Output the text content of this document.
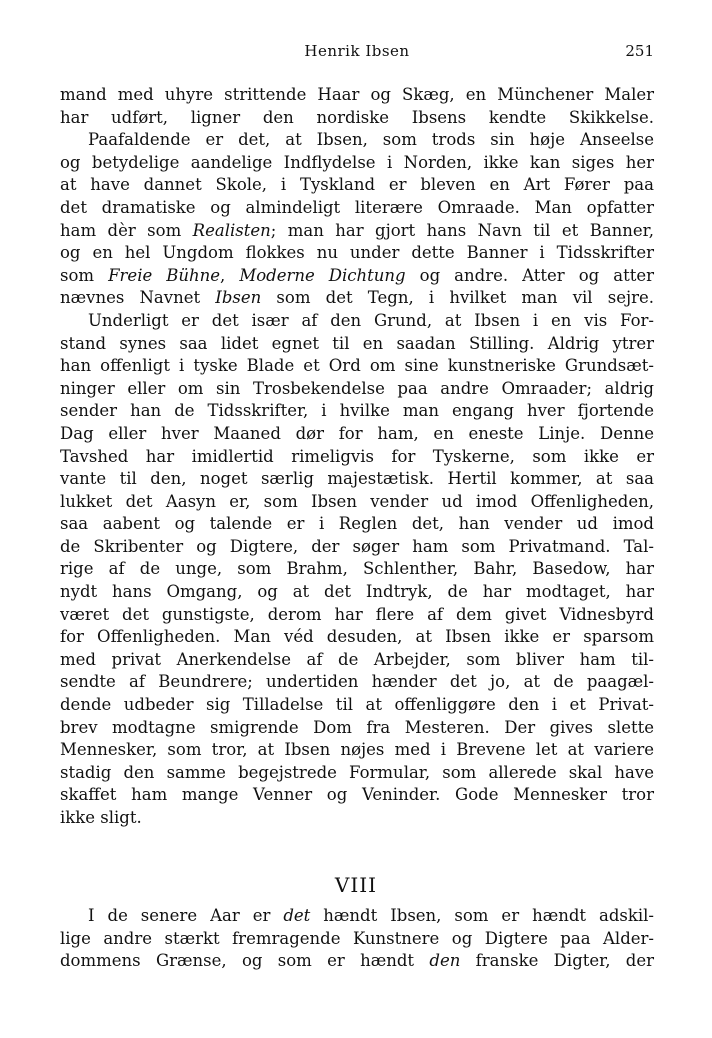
Henrik Ibsen	251
mand med uhyre strittende Haar og Skæg, en Münchener Maler
har udført, ligner den nordiske Ibsens kendte Skikkelse.
Paafaldende er det, at Ibsen, som trods sin høje Anseelse
og betydelige aandelige Indflydelse i Norden, ikke kan siges her
at have dannet Skole, i Tyskland er bleven en Art Fører paa
det dramatiske og almindeligt literære Omraade. Man opfatter
ham dèr som Realisten; man har gjort hans Navn til et Banner,
og en hel Ungdom flokkes nu under dette Banner i Tidsskrifter
som Freie Bühne, Moderne Dichtung og andre. Atter og atter
nævnes Navnet Ibsen som det Tegn, i hvilket man vil sejre.
Underligt er det især af den Grund, at Ibsen i en vis For-
stand synes saa lidet egnet til en saadan Stilling. Aldrig ytrer
han offenligt i tyske Blade et Ord om sine kunstneriske Grundsæt-
ninger eller om sin Trosbekendelse paa andre Omraader; aldrig
sender han de Tidsskrifter, i hvilke man engang hver fjortende
Dag eller hver Maaned dør for ham, en eneste Linje. Denne
Tavshed har imidlertid rimeligvis for Tyskerne, som ikke er
vante til den, noget særlig majestætisk. Hertil kommer, at saa
lukket det Aasyn er, som Ibsen vender ud imod Offenligheden,
saa aabent og talende er i Reglen det, han vender ud imod
de Skribenter og Digtere, der søger ham som Privatmand. Tal-
rige af de unge, som Brahm, Schlenther, Bahr, Basedow, har
nydt hans Omgang, og at det Indtryk, de har modtaget, har
været det gunstigste, derom har flere af dem givet Vidnesbyrd
for Offenligheden. Man véd desuden, at Ibsen ikke er sparsom
med privat Anerkendelse af de Arbejder, som bliver ham til-
sendte af Beundrere; undertiden hænder det jo, at de paagæl-
dende udbeder sig Tilladelse til at offenliggøre den i et Privat-
brev modtagne smigrende Dom fra Mesteren. Der gives slette
Mennesker, som tror, at Ibsen nøjes med i Brevene let at variere
stadig den samme begejstrede Formular, som allerede skal have
skaffet ham mange Venner og Veninder. Gode Mennesker tror
ikke sligt.
VIII
I de senere Aar er det hændt Ibsen, som er hændt adskil-
lige andre stærkt fremragende Kunstnere og Digtere paa Alder-
dommens Grænse, og som er hændt den franske Digter, der
